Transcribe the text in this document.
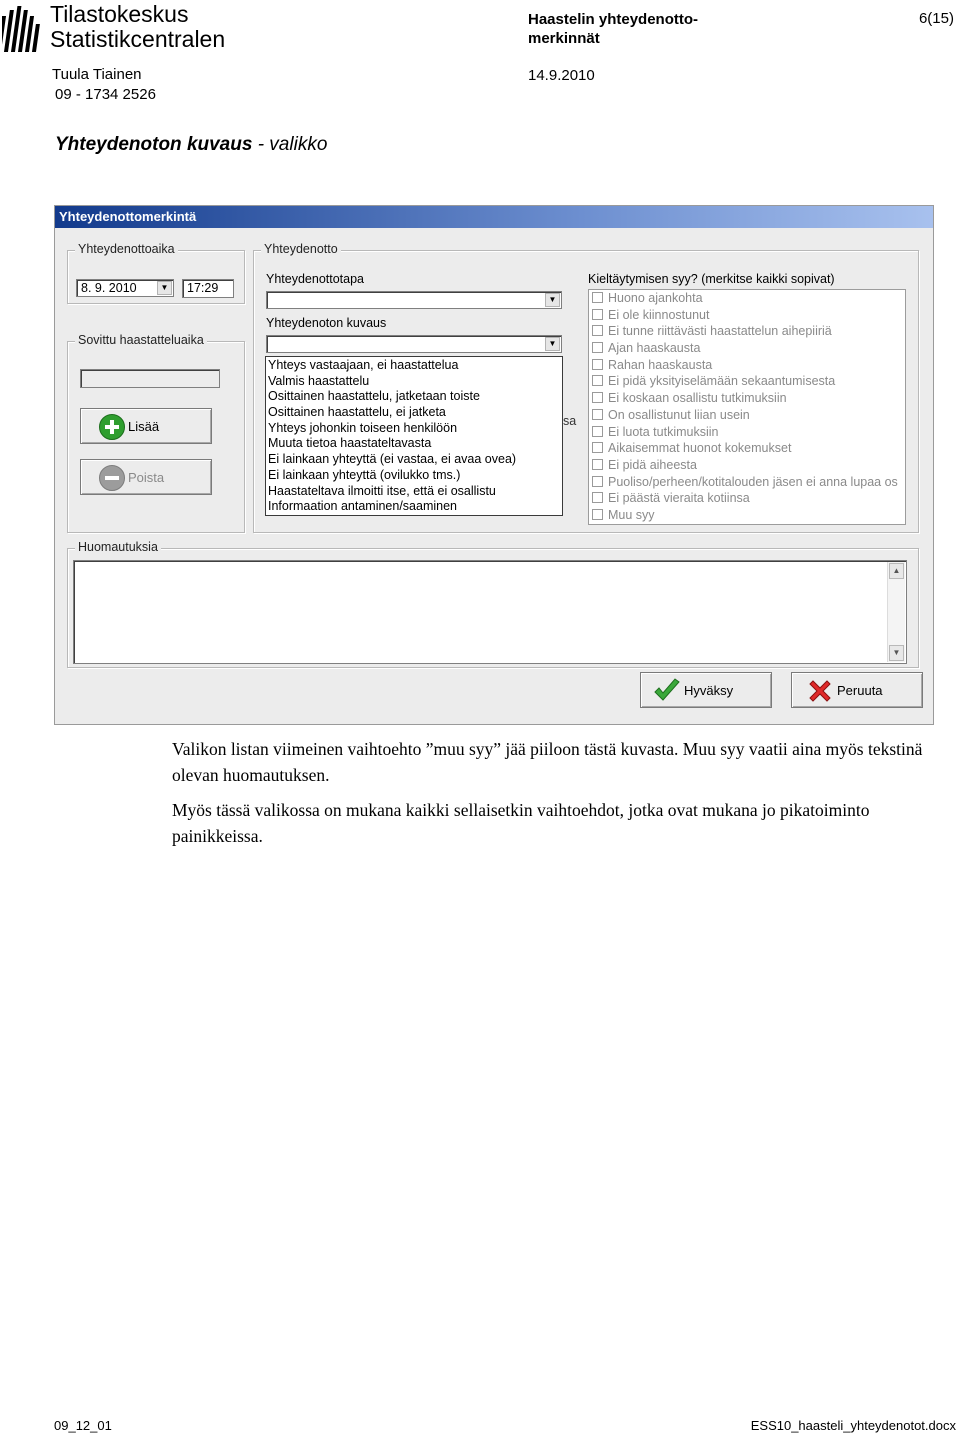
Tilastokeskus
Statistikcentralen
Haastelin yhteydenotto-merkinnät
6(15)
Tuula Tiainen
09 - 1734 2526
14.9.2010
Yhteydenoton kuvaus - valikko
Yhteydenottomerkintä
Yhteydenottoaika
8. 9. 2010	▼	17:29
Sovittu haastatteluaika
Lisää
Poista
Yhteydenotto
Yhteydenottotapa
▼
Yhteydenoton kuvaus
▼
Kieltäytymisen syy? (merkitse kaikki sopivat)
sa
Huono ajankohta
Ei ole kiinnostunut
Ei tunne riittävästi haastattelun aihepiiriä
Ajan haaskausta
Rahan haaskausta
Ei pidä yksityiselämään sekaantumisesta
Ei koskaan osallistu tutkimuksiin
On osallistunut liian usein
Ei luota tutkimuksiin
Aikaisemmat huonot kokemukset
Ei pidä aiheesta
Puoliso/perheen/kotitalouden jäsen ei anna lupaa os
Ei päästä vieraita kotiinsa
Muu syy
Yhteys vastaajaan, ei haastattelua
Valmis haastattelu
Osittainen haastattelu, jatketaan toiste
Osittainen haastattelu, ei jatketa
Yhteys johonkin toiseen henkilöön
Muuta tietoa haastateltavasta
Ei lainkaan yhteyttä (ei vastaa, ei avaa ovea)
Ei lainkaan yhteyttä (ovilukko tms.)
Haastateltava ilmoitti itse, että ei osallistu
Informaation antaminen/saaminen
Huomautuksia
▲
▼
Hyväksy	Peruuta
Valikon listan viimeinen vaihtoehto ”muu syy” jää piiloon tästä kuvasta. Muu syy vaatii aina myös tekstinä olevan huomautuksen.
Myös tässä valikossa on mukana kaikki sellaisetkin vaihtoehdot, jotka ovat mukana jo pikatoiminto painikkeissa.
09_12_01	ESS10_haasteli_yhteydenotot.docx
